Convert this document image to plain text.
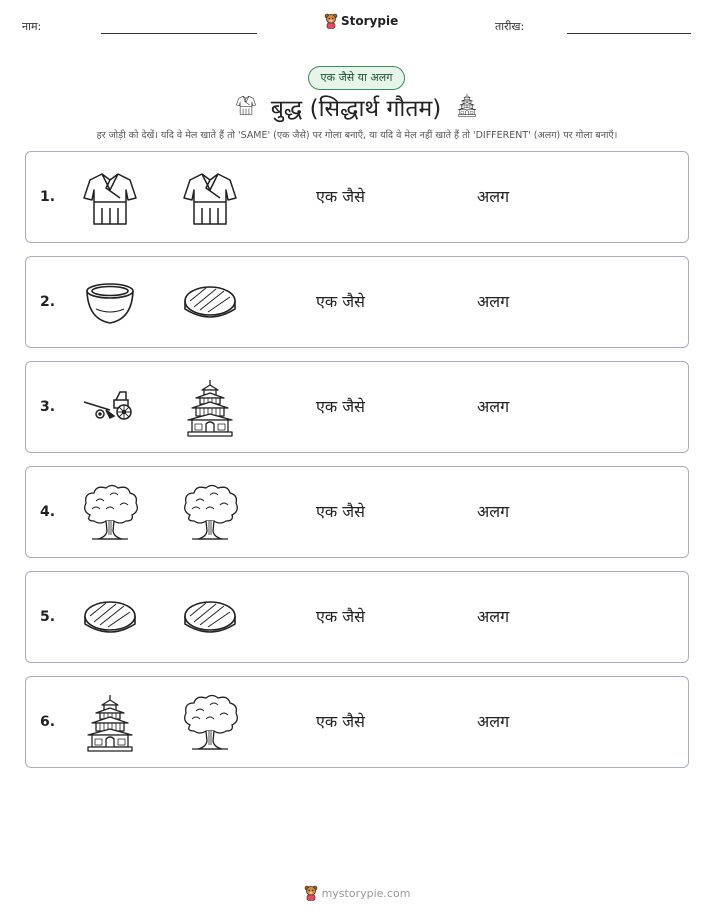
नाम:	Storypie	तारीख:
एक जैसे या अलग
बुद्ध (सिद्धार्थ गौतम)
हर जोड़ी को देखें। यदि वे मेल खाते हैं तो 'SAME' (एक जैसे) पर गोला बनाएँ, या यदि वे मेल नहीं खाते हैं तो 'DIFFERENT' (अलग) पर गोला बनाएँ।
1.	एक जैसे	अलग
2.	एक जैसे	अलग
3.	एक जैसे	अलग
4.	एक जैसे	अलग
5.	एक जैसे	अलग
6.	एक जैसे	अलग
mystorypie.com
